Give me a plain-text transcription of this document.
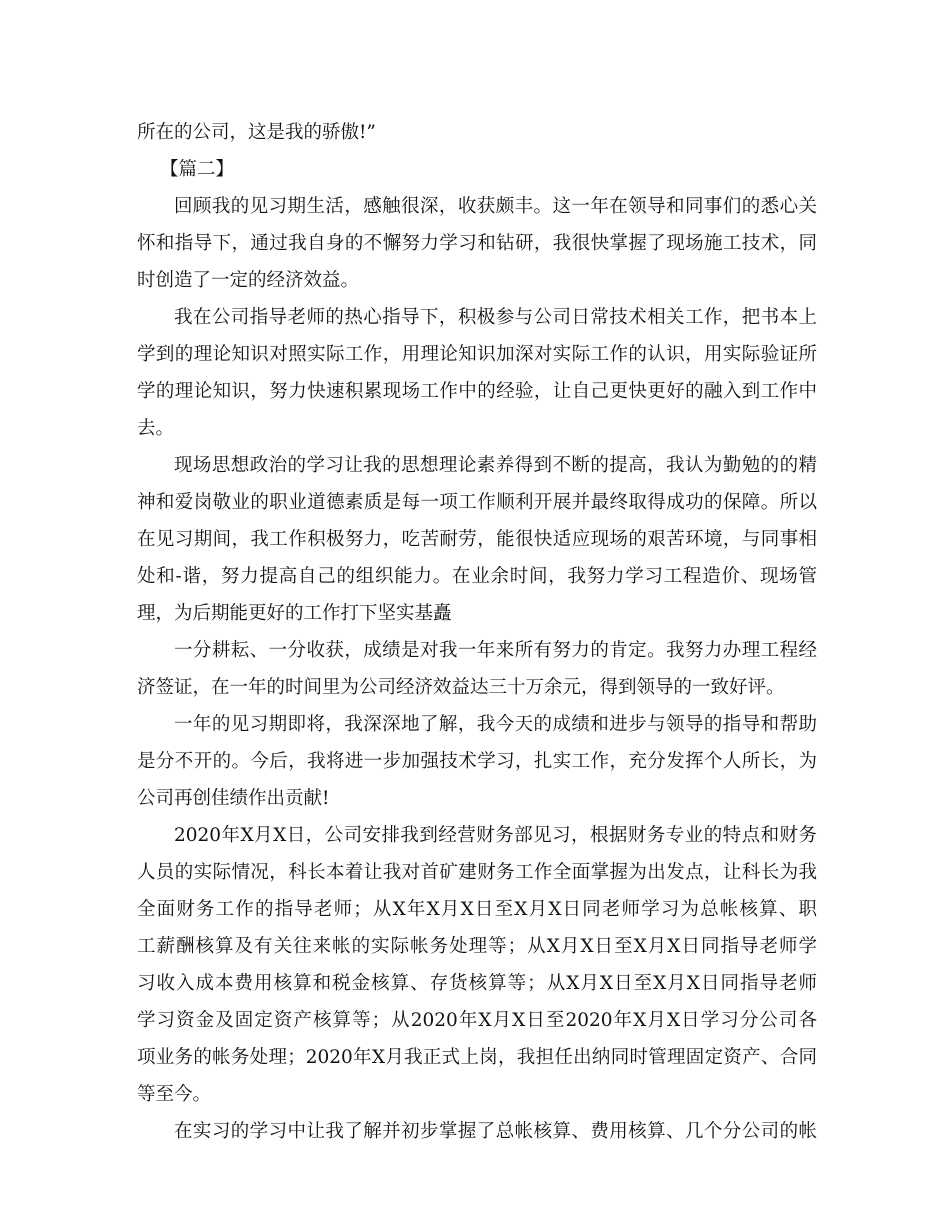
所在的公司，这是我的骄傲!”
【篇二】
回顾我的见习期生活，感触很深，收获颇丰。这一年在领导和同事们的悉心关
怀和指导下，通过我自身的不懈努力学习和钻研，我很快掌握了现场施工技术，同
时创造了一定的经济效益。
我在公司指导老师的热心指导下，积极参与公司日常技术相关工作，把书本上
学到的理论知识对照实际工作，用理论知识加深对实际工作的认识，用实际验证所
学的理论知识，努力快速积累现场工作中的经验，让自己更快更好的融入到工作中
去。
现场思想政治的学习让我的思想理论素养得到不断的提高，我认为勤勉的的精
神和爱岗敬业的职业道德素质是每一项工作顺利开展并最终取得成功的保障。所以
在见习期间，我工作积极努力，吃苦耐劳，能很快适应现场的艰苦环境，与同事相
处和-谐，努力提高自己的组织能力。在业余时间，我努力学习工程造价、现场管
理，为后期能更好的工作打下坚实基矗
一分耕耘、一分收获，成绩是对我一年来所有努力的肯定。我努力办理工程经
济签证，在一年的时间里为公司经济效益达三十万余元，得到领导的一致好评。
一年的见习期即将，我深深地了解，我今天的成绩和进步与领导的指导和帮助
是分不开的。今后，我将进一步加强技术学习，扎实工作，充分发挥个人所长，为
公司再创佳绩作出贡献!
2020年X月X日，公司安排我到经营财务部见习，根据财务专业的特点和财务
人员的实际情况，科长本着让我对首矿建财务工作全面掌握为出发点，让科长为我
全面财务工作的指导老师；从X年X月X日至X月X日同老师学习为总帐核算、职
工薪酬核算及有关往来帐的实际帐务处理等；从X月X日至X月X日同指导老师学
习收入成本费用核算和税金核算、存货核算等；从X月X日至X月X日同指导老师
学习资金及固定资产核算等；从2020年X月X日至2020年X月X日学习分公司各
项业务的帐务处理；2020年X月我正式上岗，我担任出纳同时管理固定资产、合同
等至今。
在实习的学习中让我了解并初步掌握了总帐核算、费用核算、几个分公司的帐
